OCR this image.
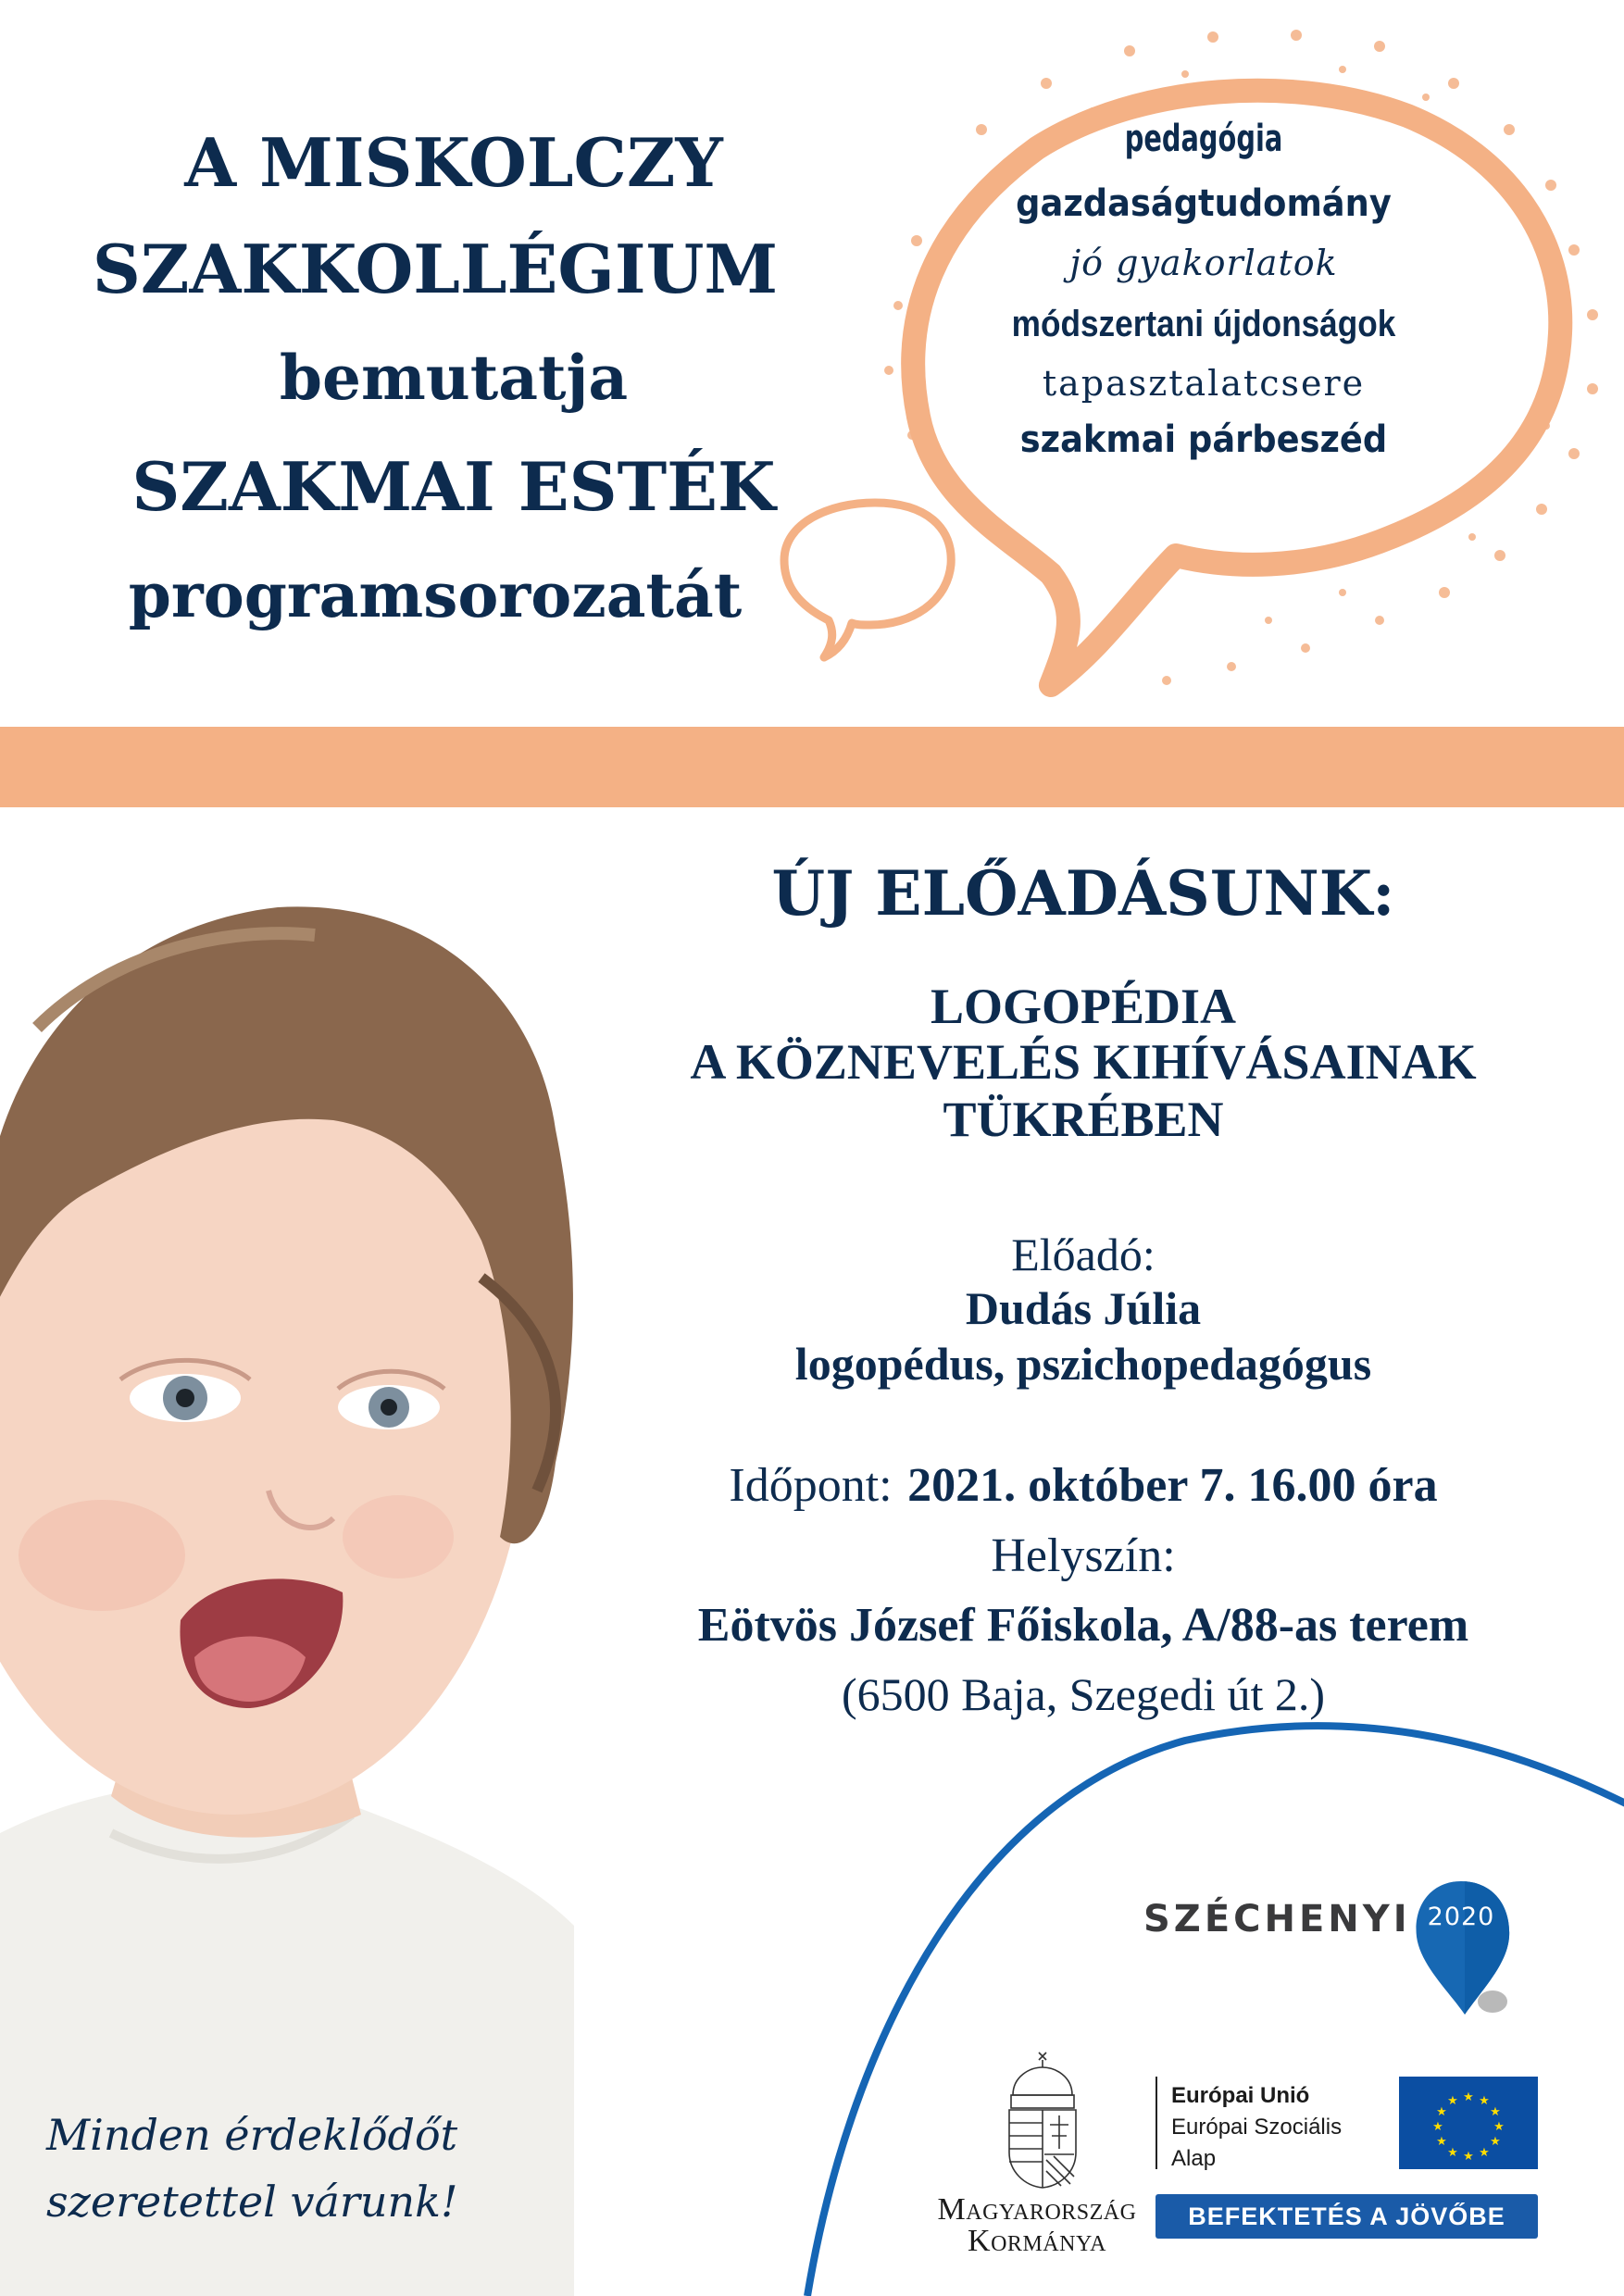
A MISKOLCZY
SZAKKOLLÉGIUM
bemutatja
SZAKMAI ESTÉK
programsorozatát
pedagógia
gazdaságtudomány
jó gyakorlatok
módszertani újdonságok
tapasztalatcsere
szakmai párbeszéd
ÚJ ELŐADÁSUNK:
LOGOPÉDIA
A KÖZNEVELÉS KIHÍVÁSAINAK
TÜKRÉBEN
Előadó:
Dudás Júlia
logopédus, pszichopedagógus
Időpont: 2021. október 7. 16.00 óra
Helyszín:
Eötvös József Főiskola, A/88-as terem
(6500 Baja, Szegedi út 2.)
SZÉCHENYI 2020
Magyarország
Kormánya
Európai Unió
Európai Szociális
Alap
★ ★
★
★
★
★
★
★
★
★
★
★
BEFEKTETÉS A JÖVŐBE
Minden érdeklődőt
szeretettel várunk!
